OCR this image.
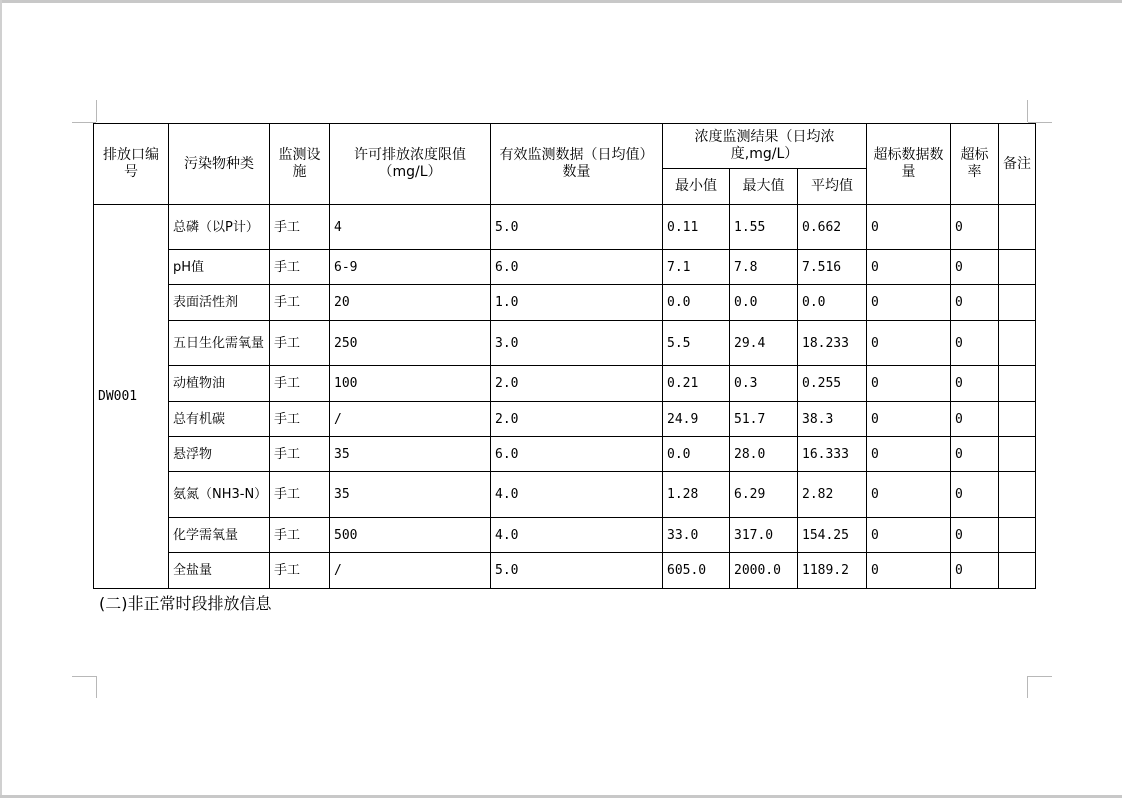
排放口编号	污染物种类	监测设施	许可排放浓度限值（mg/L）	有效监测数据（日均值）数量	浓度监测结果（日均浓度,mg/L）			超标数据数量	超标率	备注
					最小值	最大值	平均值			
DW001	总磷（以P计）	手工	4	5.0	0.11	1.55	0.662	0	0	
	pH值	手工	6-9	6.0	7.1	7.8	7.516	0	0	
	表面活性剂	手工	20	1.0	0.0	0.0	0.0	0	0	
	五日生化需氧量	手工	250	3.0	5.5	29.4	18.233	0	0	
	动植物油	手工	100	2.0	0.21	0.3	0.255	0	0	
	总有机碳	手工	/	2.0	24.9	51.7	38.3	0	0	
	悬浮物	手工	35	6.0	0.0	28.0	16.333	0	0	
	氨氮（NH3-N）	手工	35	4.0	1.28	6.29	2.82	0	0	
	化学需氧量	手工	500	4.0	33.0	317.0	154.25	0	0	
	全盐量	手工	/	5.0	605.0	2000.0	1189.2	0	0	
(二)非正常时段排放信息
